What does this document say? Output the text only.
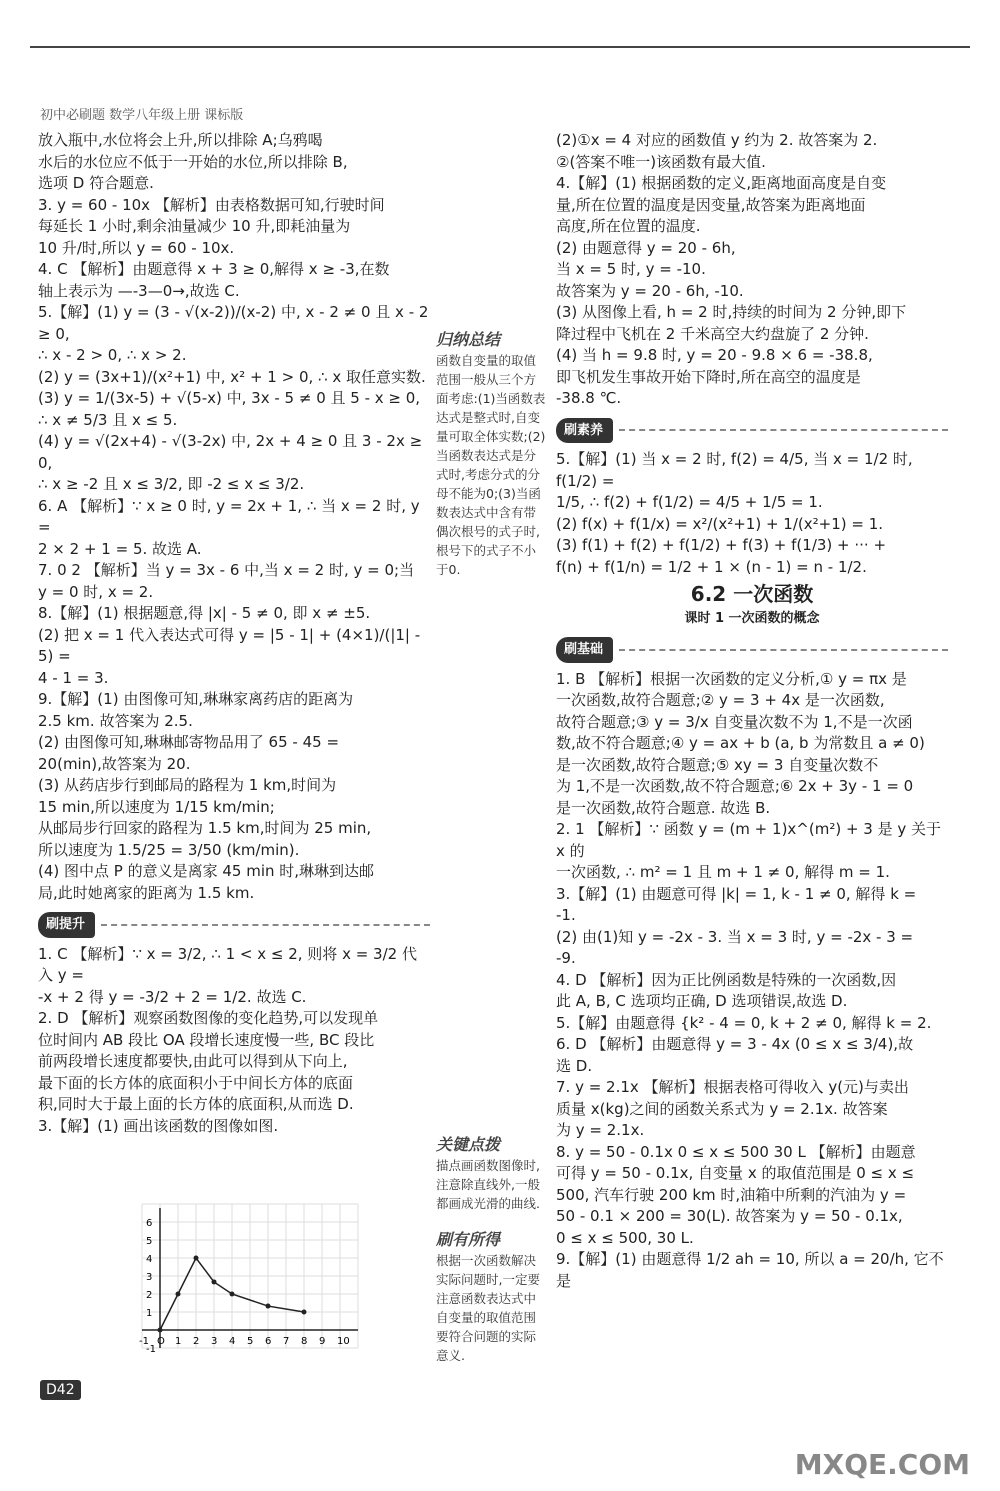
初中必刷题 数学八年级上册 课标版

放入瓶中,水位将会上升,所以排除 A;乌鸦喝

水后的水位应不低于一开始的水位,所以排除 B,

选项 D 符合题意.

3. y = 60 - 10x 【解析】由表格数据可知,行驶时间

每延长 1 小时,剩余油量减少 10 升,即耗油量为

10 升/时,所以 y = 60 - 10x.

4. C 【解析】由题意得 x + 3 ≥ 0,解得 x ≥ -3,在数

轴上表示为 —-3—0→,故选 C.

5.【解】(1) y = (3 - √(x-2))/(x-2) 中, x - 2 ≠ 0 且 x - 2 ≥ 0,

∴ x - 2 > 0, ∴ x > 2.

(2) y = (3x+1)/(x²+1) 中, x² + 1 > 0, ∴ x 取任意实数.

(3) y = 1/(3x-5) + √(5-x) 中, 3x - 5 ≠ 0 且 5 - x ≥ 0,

∴ x ≠ 5/3 且 x ≤ 5.

(4) y = √(2x+4) - √(3-2x) 中, 2x + 4 ≥ 0 且 3 - 2x ≥ 0,

∴ x ≥ -2 且 x ≤ 3/2, 即 -2 ≤ x ≤ 3/2.

6. A 【解析】∵ x ≥ 0 时, y = 2x + 1, ∴ 当 x = 2 时, y =

2 × 2 + 1 = 5. 故选 A.

7. 0 2 【解析】当 y = 3x - 6 中,当 x = 2 时, y = 0;当

y = 0 时, x = 2.

8.【解】(1) 根据题意,得 |x| - 5 ≠ 0, 即 x ≠ ±5.

(2) 把 x = 1 代入表达式可得 y = |5 - 1| + (4×1)/(|1| - 5) =

4 - 1 = 3.

9.【解】(1) 由图像可知,琳琳家离药店的距离为

2.5 km. 故答案为 2.5.

(2) 由图像可知,琳琳邮寄物品用了 65 - 45 =

20(min),故答案为 20.

(3) 从药店步行到邮局的路程为 1 km,时间为

15 min,所以速度为 1/15 km/min;

从邮局步行回家的路程为 1.5 km,时间为 25 min,

所以速度为 1.5/25 = 3/50 (km/min).

(4) 图中点 P 的意义是离家 45 min 时,琳琳到达邮

局,此时她离家的距离为 1.5 km.

刷提升

1. C 【解析】∵ x = 3/2, ∴ 1 < x ≤ 2, 则将 x = 3/2 代入 y =

-x + 2 得 y = -3/2 + 2 = 1/2. 故选 C.

2. D 【解析】观察函数图像的变化趋势,可以发现单

位时间内 AB 段比 OA 段增长速度慢一些, BC 段比

前两段增长速度都要快,由此可以得到从下向上,

最下面的长方体的底面积小于中间长方体的底面

积,同时大于最上面的长方体的底面积,从而选 D.

3.【解】(1) 画出该函数的图像如图.

-1 O 1 2 3 4 5 6 7 8 9 10
6
5
4
3
2
1
-1
归纳总结
函数自变量的取值范围一般从三个方面考虑:(1)当函数表达式是整式时,自变量可取全体实数;(2)当函数表达式是分式时,考虑分式的分母不能为0;(3)当函数表达式中含有带偶次根号的式子时,根号下的式子不小于0.
关键点拨
描点画函数图像时,注意除直线外,一般都画成光滑的曲线.
刷有所得
根据一次函数解决实际问题时,一定要注意函数表达式中自变量的取值范围要符合问题的实际意义.

(2)①x = 4 对应的函数值 y 约为 2. 故答案为 2.

②(答案不唯一)该函数有最大值.

4.【解】(1) 根据函数的定义,距离地面高度是自变

量,所在位置的温度是因变量,故答案为距离地面

高度,所在位置的温度.

(2) 由题意得 y = 20 - 6h,

当 x = 5 时, y = -10.

故答案为 y = 20 - 6h, -10.

(3) 从图像上看, h = 2 时,持续的时间为 2 分钟,即下

降过程中飞机在 2 千米高空大约盘旋了 2 分钟.

(4) 当 h = 9.8 时, y = 20 - 9.8 × 6 = -38.8,

即飞机发生事故开始下降时,所在高空的温度是

-38.8 ℃.

刷素养

5.【解】(1) 当 x = 2 时, f(2) = 4/5, 当 x = 1/2 时, f(1/2) =

1/5, ∴ f(2) + f(1/2) = 4/5 + 1/5 = 1.

(2) f(x) + f(1/x) = x²/(x²+1) + 1/(x²+1) = 1.

(3) f(1) + f(2) + f(1/2) + f(3) + f(1/3) + ··· +

f(n) + f(1/n) = 1/2 + 1 × (n - 1) = n - 1/2.

6.2 一次函数
课时 1 一次函数的概念
刷基础

1. B 【解析】根据一次函数的定义分析,① y = πx 是

一次函数,故符合题意;② y = 3 + 4x 是一次函数,

故符合题意;③ y = 3/x 自变量次数不为 1,不是一次函

数,故不符合题意;④ y = ax + b (a, b 为常数且 a ≠ 0)

是一次函数,故符合题意;⑤ xy = 3 自变量次数不

为 1,不是一次函数,故不符合题意;⑥ 2x + 3y - 1 = 0

是一次函数,故符合题意. 故选 B.

2. 1 【解析】∵ 函数 y = (m + 1)x^(m²) + 3 是 y 关于 x 的

一次函数, ∴ m² = 1 且 m + 1 ≠ 0, 解得 m = 1.

3.【解】(1) 由题意可得 |k| = 1, k - 1 ≠ 0, 解得 k =

-1.

(2) 由(1)知 y = -2x - 3. 当 x = 3 时, y = -2x - 3 =

-9.

4. D 【解析】因为正比例函数是特殊的一次函数,因

此 A, B, C 选项均正确, D 选项错误,故选 D.

5.【解】由题意得 {k² - 4 = 0, k + 2 ≠ 0, 解得 k = 2.

6. D 【解析】由题意得 y = 3 - 4x (0 ≤ x ≤ 3/4),故

选 D.

7. y = 2.1x 【解析】根据表格可得收入 y(元)与卖出

质量 x(kg)之间的函数关系式为 y = 2.1x. 故答案

为 y = 2.1x.

8. y = 50 - 0.1x 0 ≤ x ≤ 500 30 L 【解析】由题意

可得 y = 50 - 0.1x, 自变量 x 的取值范围是 0 ≤ x ≤

500, 汽车行驶 200 km 时,油箱中所剩的汽油为 y =

50 - 0.1 × 200 = 30(L). 故答案为 y = 50 - 0.1x,

0 ≤ x ≤ 500, 30 L.

9.【解】(1) 由题意得 1/2 ah = 10, 所以 a = 20/h, 它不是

D42
MXQE.COM
